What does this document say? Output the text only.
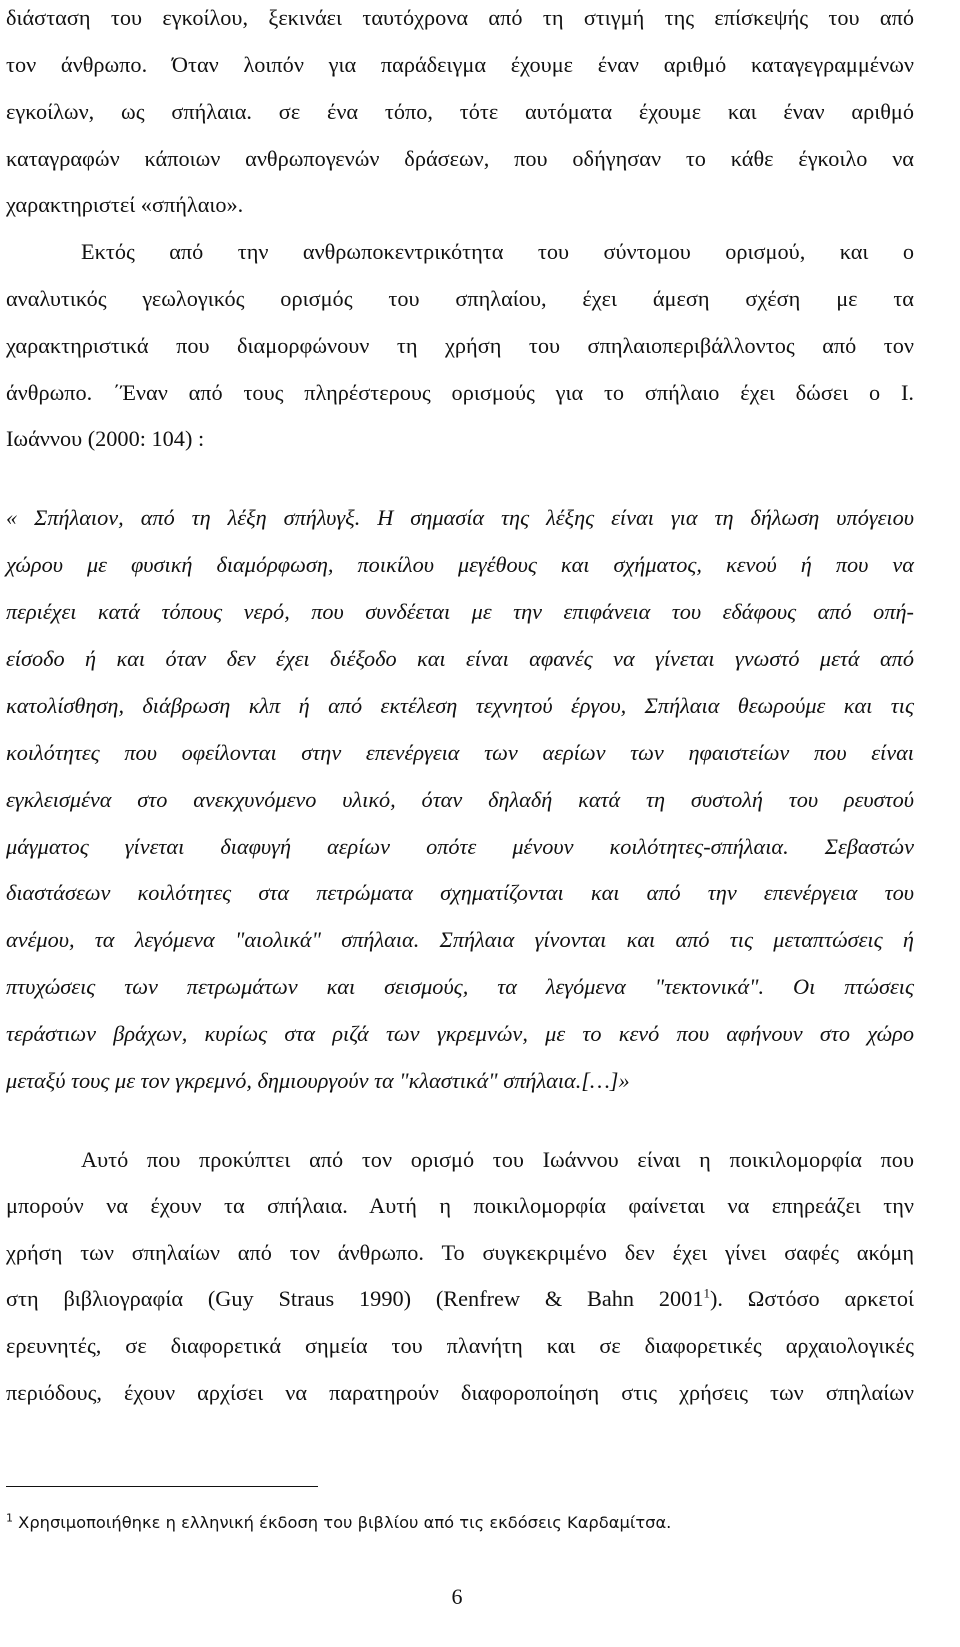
διάσταση του εγκοίλου, ξεκινάει ταυτόχρονα από τη στιγμή της επίσκεψής του από
τον άνθρωπο. Όταν λοιπόν για παράδειγμα έχουμε έναν αριθμό καταγεγραμμένων
εγκοίλων, ως σπήλαια. σε ένα τόπο, τότε αυτόματα έχουμε και έναν αριθμό
καταγραφών κάποιων ανθρωπογενών δράσεων, που οδήγησαν το κάθε έγκοιλο να
χαρακτηριστεί «σπήλαιο».
Εκτός από την ανθρωποκεντρικότητα του σύντομου ορισμού, και ο
αναλυτικός γεωλογικός ορισμός του σπηλαίου, έχει άμεση σχέση με τα
χαρακτηριστικά που διαμορφώνουν τη χρήση του σπηλαιοπεριβάλλοντος από τον
άνθρωπο. ΄Έναν από τους πληρέστερους ορισμούς για το σπήλαιο έχει δώσει ο Ι.
Ιωάννου (2000: 104) :
« Σπήλαιον, από τη λέξη σπήλυγξ. Η σημασία της λέξης είναι για τη δήλωση υπόγειου
χώρου με φυσική διαμόρφωση, ποικίλου μεγέθους και σχήματος, κενού ή που να
περιέχει κατά τόπους νερό, που συνδέεται με την επιφάνεια του εδάφους από οπή-
είσοδο ή και όταν δεν έχει διέξοδο και είναι αφανές να γίνεται γνωστό μετά από
κατολίσθηση, διάβρωση κλπ ή από εκτέλεση τεχνητού έργου, Σπήλαια θεωρούμε και τις
κοιλότητες που οφείλονται στην επενέργεια των αερίων των ηφαιστείων που είναι
εγκλεισμένα στο ανεκχυνόμενο υλικό, όταν δηλαδή κατά τη συστολή του ρευστού
μάγματος γίνεται διαφυγή αερίων οπότε μένουν κοιλότητες-σπήλαια. Σεβαστών
διαστάσεων κοιλότητες στα πετρώματα σχηματίζονται και από την επενέργεια του
ανέμου, τα λεγόμενα "αιολικά" σπήλαια. Σπήλαια γίνονται και από τις μεταπτώσεις ή
πτυχώσεις των πετρωμάτων και σεισμούς, τα λεγόμενα "τεκτονικά". Οι πτώσεις
τεράστιων βράχων, κυρίως στα ριζά των γκρεμνών, με το κενό που αφήνουν στο χώρο
μεταξύ τους με τον γκρεμνό, δημιουργούν τα "κλαστικά" σπήλαια.[…]»
Αυτό που προκύπτει από τον ορισμό του Ιωάννου είναι η ποικιλομορφία που
μπορούν να έχουν τα σπήλαια. Αυτή η ποικιλομορφία φαίνεται να επηρεάζει την
χρήση των σπηλαίων από τον άνθρωπο. Το συγκεκριμένο δεν έχει γίνει σαφές ακόμη
στη βιβλιογραφία (Guy Straus 1990) (Renfrew & Bahn 2001$^1$). Ωστόσο αρκετοί
ερευνητές, σε διαφορετικά σημεία του πλανήτη και σε διαφορετικές αρχαιολογικές
περιόδους, έχουν αρχίσει να παρατηρούν διαφοροποίηση στις χρήσεις των σπηλαίων
$^1$ Χρησιμοποιήθηκε η ελληνική έκδοση του βιβλίου από τις εκδόσεις Καρδαμίτσα.
6
